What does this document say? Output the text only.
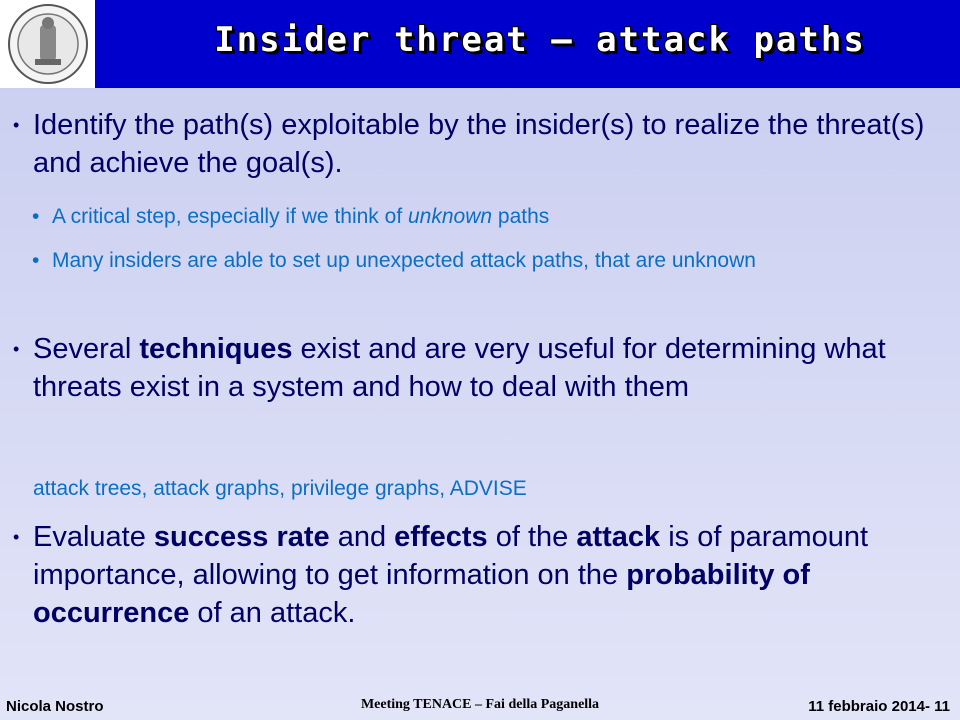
Insider threat – attack paths
• Identify the path(s) exploitable by the insider(s) to realize the threat(s) and achieve the goal(s).
• A critical step, especially if we think of unknown paths
• Many insiders are able to set up unexpected attack paths, that are unknown
• Several techniques exist and are very useful for determining what threats exist in a system and how to deal with them
attack trees, attack graphs, privilege graphs, ADVISE
• Evaluate success rate and effects of the attack is of paramount importance, allowing to get information on the probability of occurrence of an attack.
Nicola Nostro	Meeting TENACE – Fai della Paganella	11 febbraio 2014- 11
